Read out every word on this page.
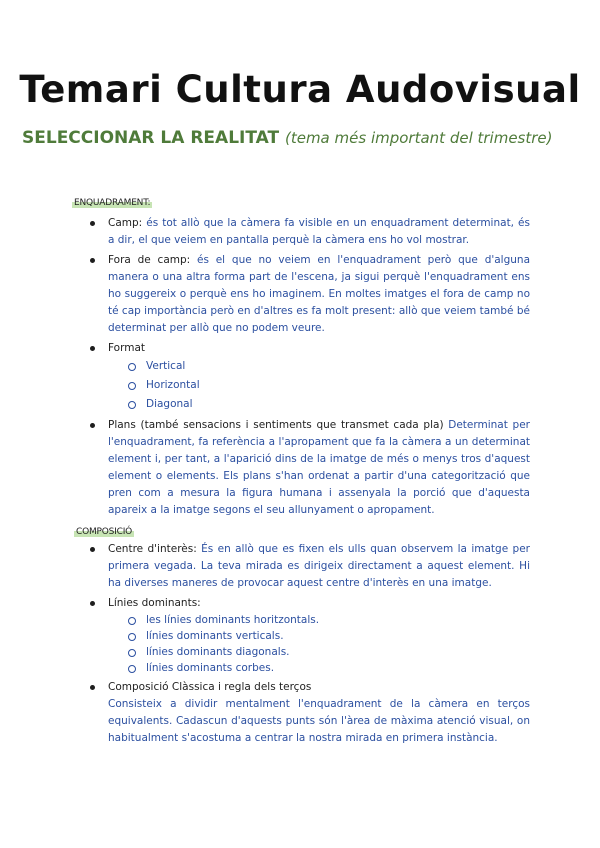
Temari Cultura Audovisual
SELECCIONAR LA REALITAT (tema més important del trimestre)
ENQUADRAMENT:
Camp: és tot allò que la càmera fa visible en un enquadrament determinat, és a dir, el que veiem en pantalla perquè la càmera ens ho vol mostrar.
Fora de camp: és el que no veiem en l'enquadrament però que d'alguna manera o una altra forma part de l'escena, ja sigui perquè l'enquadrament ens ho suggereix o perquè ens ho imaginem. En moltes imatges el fora de camp no té cap importància però en d'altres es fa molt present: allò que veiem també bé determinat per allò que no podem veure.
Format
Vertical
Horizontal
Diagonal
Plans (també sensacions i sentiments que transmet cada pla) Determinat per l'enquadrament, fa referència a l'apropament que fa la càmera a un determinat element i, per tant, a l'aparició dins de la imatge de més o menys tros d'aquest element o elements. Els plans s'han ordenat a partir d'una categorització que pren com a mesura la figura humana i assenyala la porció que d'aquesta apareix a la imatge segons el seu allunyament o apropament.
COMPOSICIÓ
Centre d'interès: És en allò que es fixen els ulls quan observem la imatge per primera vegada. La teva mirada es dirigeix directament a aquest element. Hi ha diverses maneres de provocar aquest centre d'interès en una imatge.
Línies dominants:
les línies dominants horitzontals.
línies dominants verticals.
línies dominants diagonals.
línies dominants corbes.
Composició Clàssica i regla dels terços
Consisteix a dividir mentalment l'enquadrament de la càmera en terços equivalents. Cadascun d'aquests punts són l'àrea de màxima atenció visual, on habitualment s'acostuma a centrar la nostra mirada en primera instància.
